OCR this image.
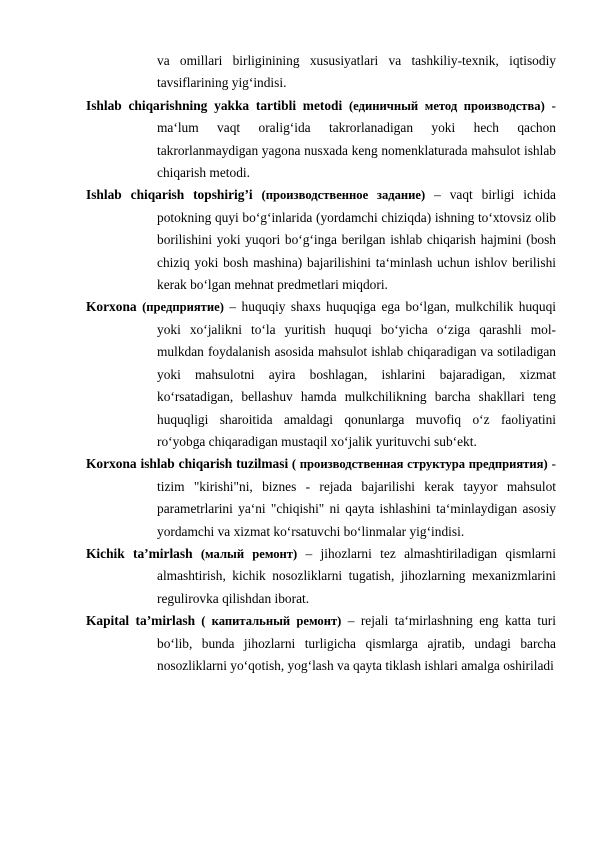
va omillari birliginining xususiyatlari va tashkiliy-texnik, iqtisodiy tavsiflarining yig‘indisi.

Ishlab chiqarishning yakka tartibli metodi (единичный метод производства) - ma‘lum vaqt oralig‘ida takrorlanadigan yoki hech qachon takrorlanmaydigan yagona nusxada keng nomenklaturada mahsulot ishlab chiqarish metodi.

Ishlab chiqarish topshirig’i (производственное задание) – vaqt birligi ichida potokning quyi bo‘g‘inlarida (yordamchi chiziqda) ishning to‘xtovsiz olib borilishini yoki yuqori bo‘g‘inga berilgan ishlab chiqarish hajmini (bosh chiziq yoki bosh mashina) bajarilishini ta‘minlash uchun ishlov berilishi kerak bo‘lgan mehnat predmetlari miqdori.

Korxona (предприятие) – huquqiy shaxs huquqiga ega bo‘lgan, mulkchilik huquqi yoki xo‘jalikni to‘la yuritish huquqi bo‘yicha o‘ziga qarashli mol-mulkdan foydalanish asosida mahsulot ishlab chiqaradigan va sotiladigan yoki mahsulotni ayira boshlagan, ishlarini bajaradigan, xizmat ko‘rsatadigan, bellashuv hamda mulkchilikning barcha shakllari teng huquqligi sharoitida amaldagi qonunlarga muvofiq o‘z faoliyatini ro‘yobga chiqaradigan mustaqil xo‘jalik yurituvchi sub‘ekt.

Korxona ishlab chiqarish tuzilmasi ( производственная структура предприятия) - tizim "kirishi"ni, biznes - rejada bajarilishi kerak tayyor mahsulot parametrlarini ya‘ni "chiqishi" ni qayta ishlashini ta‘minlaydigan asosiy yordamchi va xizmat ko‘rsatuvchi bo‘linmalar yig‘indisi.

Kichik ta’mirlash (малый ремонт) – jihozlarni tez almashtiriladigan qismlarni almashtirish, kichik nosozliklarni tugatish, jihozlarning mexanizmlarini regulirovka qilishdan iborat.

Kapital ta’mirlash ( капитальный ремонт) – rejali ta‘mirlashning eng katta turi bo‘lib, bunda jihozlarni turligicha qismlarga ajratib, undagi barcha nosozliklarni yo‘qotish, yog‘lash va qayta tiklash ishlari amalga oshiriladi
